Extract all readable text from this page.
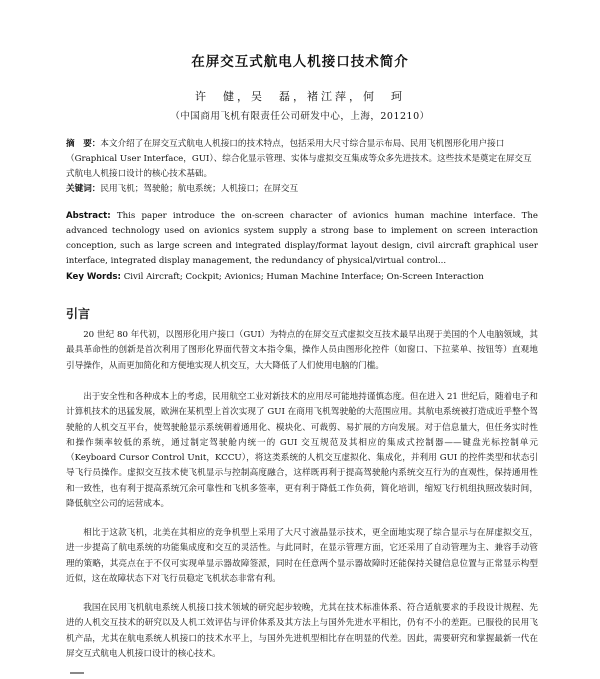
在屏交互式航电人机接口技术简介

许　健，吴　磊，褚江萍，何　珂

（中国商用飞机有限责任公司研发中心，上海，201210）

摘　要：本文介绍了在屏交互式航电人机接口的技术特点，包括采用大尺寸综合显示布局、民用飞机图形化用户接口（Graphical User Interface，GUI）、综合化显示管理、实体与虚拟交互集成等众多先进技术。这些技术是奠定在屏交互式航电人机接口设计的核心技术基础。

关键词：民用飞机；驾驶舱；航电系统；人机接口；在屏交互

Abstract: This paper introduce the on-screen character of avionics human machine interface. The advanced technology used on avionics system supply a strong base to implement on screen interaction conception, such as large screen and integrated display/format layout design, civil aircraft graphical user interface, integrated display management, the redundancy of physical/virtual control...

Key Words: Civil Aircraft; Cockpit; Avionics; Human Machine Interface; On-Screen Interaction

引言

20 世纪 80 年代初，以图形化用户接口（GUI）为特点的在屏交互式虚拟交互技术最早出现于美国的个人电脑领域，其最具革命性的创新是首次利用了图形化界面代替文本指令集，操作人员由图形化控件（如窗口、下拉菜单、按钮等）直观地引导操作，从而更加简化和方便地实现人机交互，大大降低了人们使用电脑的门槛。

出于安全性和各种成本上的考虑，民用航空工业对新技术的应用尽可能地持谨慎态度。但在进入 21 世纪后，随着电子和计算机技术的迅猛发展，欧洲在某机型上首次实现了 GUI 在商用飞机驾驶舱的大范围应用。其航电系统被打造成近乎整个驾驶舱的人机交互平台，使驾驶舱显示系统朝着通用化、模块化、可裁剪、易扩展的方向发展。对于信息量大，但任务实时性和操作频率较低的系统，通过制定驾驶舱内统一的 GUI 交互规范及其相应的集成式控制器——键盘光标控制单元（Keyboard Cursor Control Unit，KCCU），将这类系统的人机交互虚拟化、集成化，并利用 GUI 的控件类型和状态引导飞行员操作。虚拟交互技术使飞机显示与控制高度融合，这样既再利于提高驾驶舱内系统交互行为的直观性，保持通用性和一致性，也有利于提高系统冗余可靠性和飞机多签率，更有利于降低工作负荷，简化培训，缩短飞行机组执照改装时间，降低航空公司的运营成本。

相比于这款飞机，北美在其相应的竞争机型上采用了大尺寸液晶显示技术，更全面地实现了综合显示与在屏虚拟交互，进一步提高了航电系统的功能集成度和交互的灵活性。与此同时，在显示管理方面，它还采用了自动管理为主、兼容手动管理的策略，其亮点在于不仅可实现单显示器故障签派，同时在任意两个显示器故障时还能保持关键信息位置与正常显示构型近似，这在故障状态下对飞行员稳定飞机状态非常有利。

我国在民用飞机航电系统人机接口技术领域的研究起步较晚，尤其在技术标准体系、符合适航要求的手段设计规程、先进的人机交互技术的研究以及人机工效评估与评价体系及其方法上与国外先进水平相比，仍有不小的差距。已服役的民用飞机产品，尤其在航电系统人机接口的技术水平上，与国外先进机型相比存在明显的代差。因此，需要研究和掌握最新一代在屏交互式航电人机接口设计的核心技术。
